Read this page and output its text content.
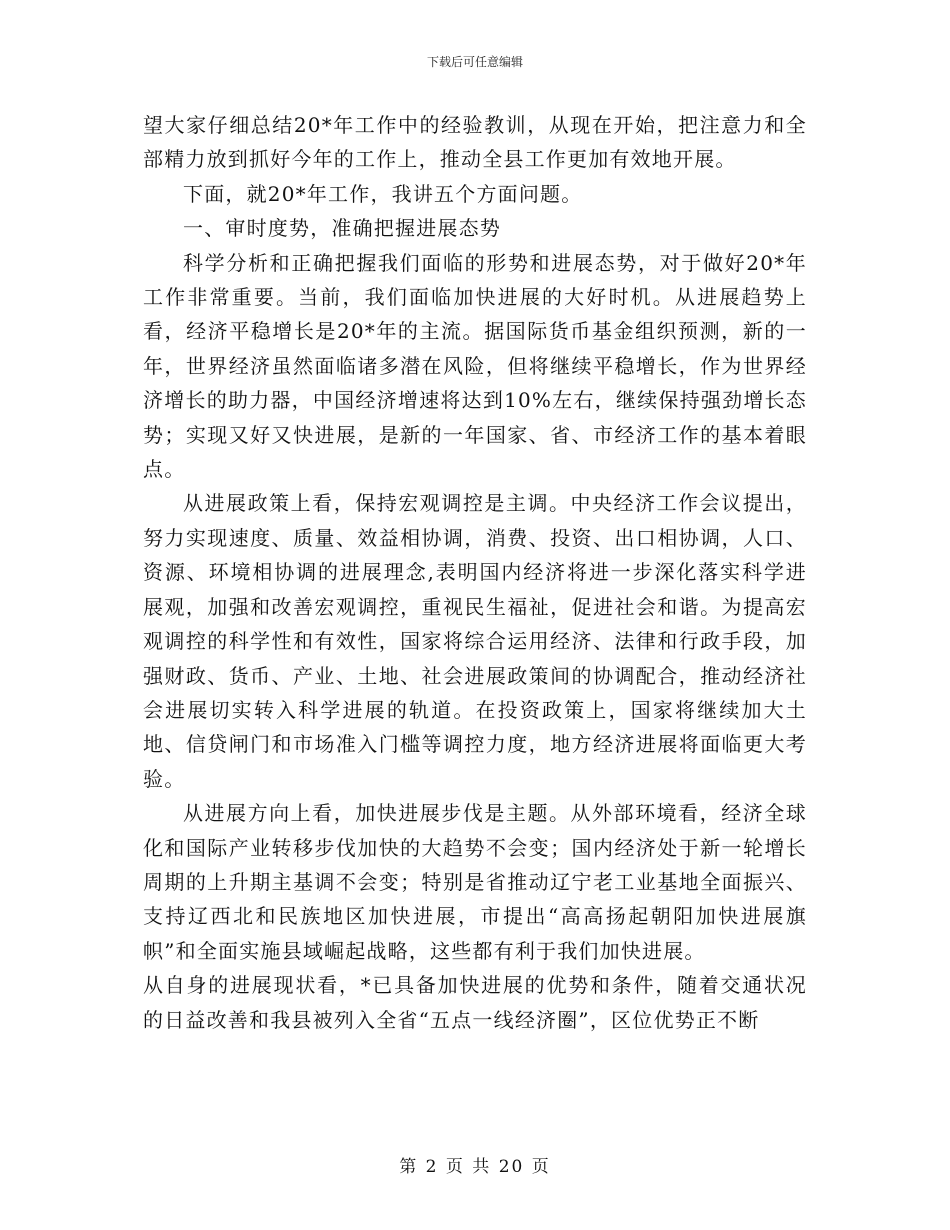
下载后可任意编辑

望大家仔细总结20*年工作中的经验教训，从现在开始，把注意力和全部精力放到抓好今年的工作上，推动全县工作更加有效地开展。

下面，就20*年工作，我讲五个方面问题。

一、审时度势，准确把握进展态势

科学分析和正确把握我们面临的形势和进展态势，对于做好20*年工作非常重要。当前，我们面临加快进展的大好时机。从进展趋势上看，经济平稳增长是20*年的主流。据国际货币基金组织预测，新的一年，世界经济虽然面临诸多潜在风险，但将继续平稳增长，作为世界经济增长的助力器，中国经济增速将达到10%左右，继续保持强劲增长态势；实现又好又快进展，是新的一年国家、省、市经济工作的基本着眼点。

从进展政策上看，保持宏观调控是主调。中央经济工作会议提出，努力实现速度、质量、效益相协调，消费、投资、出口相协调，人口、资源、环境相协调的进展理念,表明国内经济将进一步深化落实科学进展观，加强和改善宏观调控，重视民生福祉，促进社会和谐。为提高宏观调控的科学性和有效性，国家将综合运用经济、法律和行政手段，加强财政、货币、产业、土地、社会进展政策间的协调配合，推动经济社会进展切实转入科学进展的轨道。在投资政策上，国家将继续加大土地、信贷闸门和市场准入门槛等调控力度，地方经济进展将面临更大考验。

从进展方向上看，加快进展步伐是主题。从外部环境看，经济全球化和国际产业转移步伐加快的大趋势不会变；国内经济处于新一轮增长周期的上升期主基调不会变；特别是省推动辽宁老工业基地全面振兴、支持辽西北和民族地区加快进展，市提出“高高扬起朝阳加快进展旗帜”和全面实施县域崛起战略，这些都有利于我们加快进展。

从自身的进展现状看，*已具备加快进展的优势和条件，随着交通状况的日益改善和我县被列入全省“五点一线经济圈”，区位优势正不断

第 2 页 共 20 页
